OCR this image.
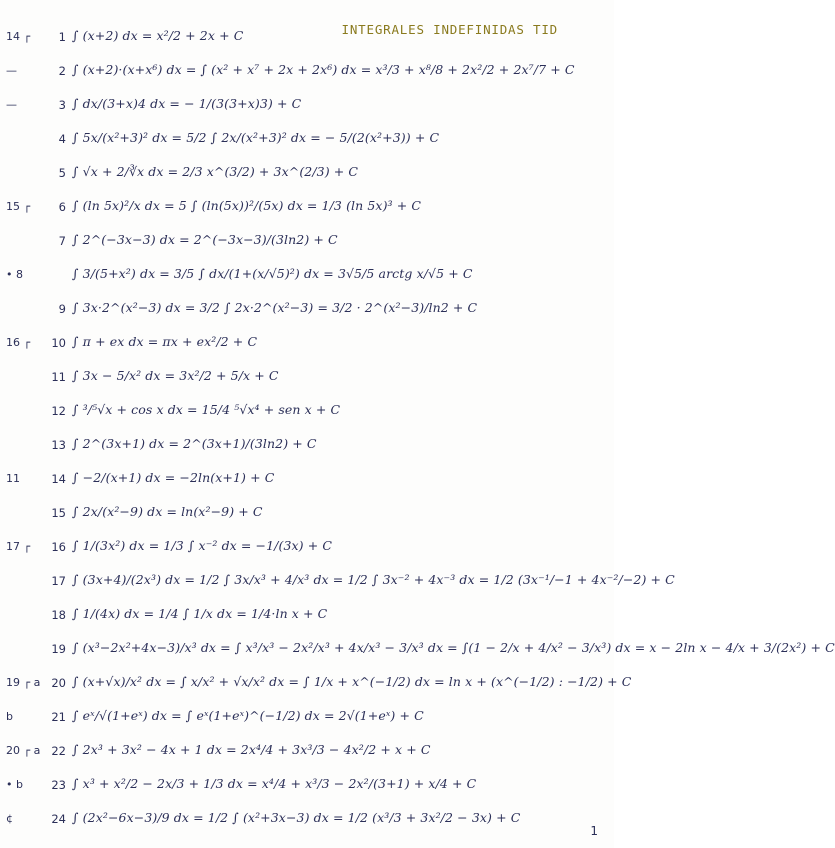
INTEGRALES INDEFINIDAS TID
14 ┌	1 ∫ (x+2) dx = x²/2 + 2x + C
—	2 ∫ (x+2)·(x+x⁶) dx = ∫ (x² + x⁷ + 2x + 2x⁶) dx = x³/3 + x⁸/8 + 2x²/2 + 2x⁷/7 + C
—	3 ∫ dx/(3+x)4 dx = − 1/(3(3+x)3) + C
4 ∫ 5x/(x²+3)² dx = 5/2 ∫ 2x/(x²+3)² dx = − 5/(2(x²+3)) + C
5 ∫ √x + 2/∛x dx = 2/3 x^(3/2) + 3x^(2/3) + C
15 ┌	6 ∫ (ln 5x)²/x dx = 5 ∫ (ln(5x))²/(5x) dx = 1/3 (ln 5x)³ + C
7 ∫ 2^(−3x−3) dx = 2^(−3x−3)/(3ln2) + C
• 8	∫ 3/(5+x²) dx = 3/5 ∫ dx/(1+(x/√5)²) dx = 3√5/5 arctg x/√5 + C
9 ∫ 3x·2^(x²−3) dx = 3/2 ∫ 2x·2^(x²−3) = 3/2 · 2^(x²−3)/ln2 + C
16 ┌	10 ∫ π + ex dx = πx + ex²/2 + C
11 ∫ 3x − 5/x² dx = 3x²/2 + 5/x + C
12 ∫ ³/⁵√x + cos x dx = 15/4 ⁵√x⁴ + sen x + C
13 ∫ 2^(3x+1) dx = 2^(3x+1)/(3ln2) + C
11	14 ∫ −2/(x+1) dx = −2ln(x+1) + C
15 ∫ 2x/(x²−9) dx = ln(x²−9) + C
17 ┌	16 ∫ 1/(3x²) dx = 1/3 ∫ x⁻² dx = −1/(3x) + C
17 ∫ (3x+4)/(2x³) dx = 1/2 ∫ 3x/x³ + 4/x³ dx = 1/2 ∫ 3x⁻² + 4x⁻³ dx = 1/2 (3x⁻¹/−1 + 4x⁻²/−2) + C
18 ∫ 1/(4x) dx = 1/4 ∫ 1/x dx = 1/4·ln x + C
19 ∫ (x³−2x²+4x−3)/x³ dx = ∫ x³/x³ − 2x²/x³ + 4x/x³ − 3/x³ dx = ∫(1 − 2/x + 4/x² − 3/x³) dx = x − 2ln x − 4/x + 3/(2x²) + C
19 ┌ a 20 ∫ (x+√x)/x² dx = ∫ x/x² + √x/x² dx = ∫ 1/x + x^(−1/2) dx = ln x + (x^(−1/2) : −1/2) + C
b	21 ∫ eˣ/√(1+eˣ) dx = ∫ eˣ(1+eˣ)^(−1/2) dx = 2√(1+eˣ) + C
20 ┌ a 22 ∫ 2x³ + 3x² − 4x + 1 dx = 2x⁴/4 + 3x³/3 − 4x²/2 + x + C
• b	23 ∫ x³ + x²/2 − 2x/3 + 1/3 dx = x⁴/4 + x³/3 − 2x²/(3+1) + x/4 + C
¢	24 ∫ (2x²−6x−3)/9 dx = 1/2 ∫ (x²+3x−3) dx = 1/2 (x³/3 + 3x²/2 − 3x) + C
1
